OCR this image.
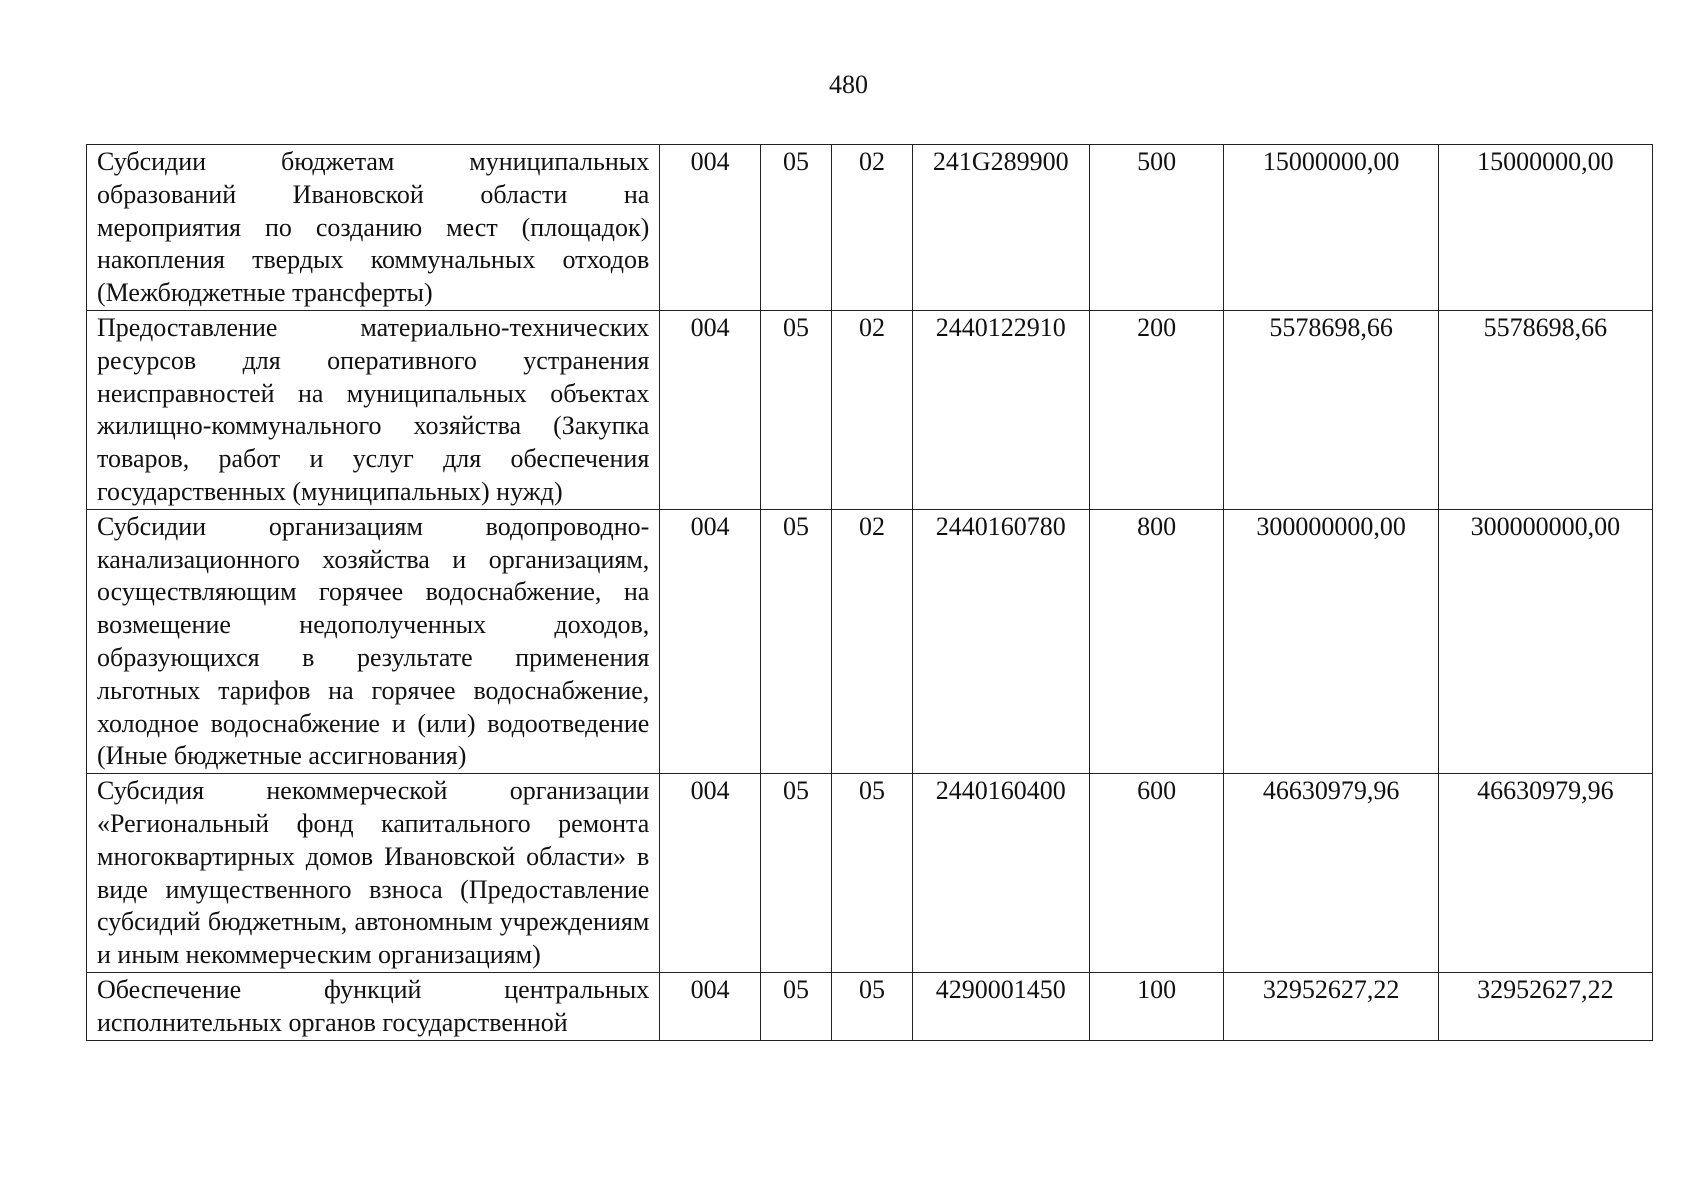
480
Субсидии бюджетам муниципальных образований Ивановской области на мероприятия по созданию мест (площадок) накопления твердых коммунальных отходов (Межбюджетные трансферты)	004	05	02	241G289900	500	15000000,00	15000000,00
Предоставление материально-технических ресурсов для оперативного устранения неисправностей на муниципальных объектах жилищно-коммунального хозяйства (Закупка товаров, работ и услуг для обеспечения государственных (муниципальных) нужд)	004	05	02	2440122910	200	5578698,66	5578698,66
Субсидии организациям водопроводно-канализационного хозяйства и организациям, осуществляющим горячее водоснабжение, на возмещение недополученных доходов, образующихся в результате применения льготных тарифов на горячее водоснабжение, холодное водоснабжение и (или) водоотведение (Иные бюджетные ассигнования)	004	05	02	2440160780	800	300000000,00	300000000,00
Субсидия некоммерческой организации «Региональный фонд капитального ремонта многоквартирных домов Ивановской области» в виде имущественного взноса (Предоставление субсидий бюджетным, автономным учреждениям и иным некоммерческим организациям)	004	05	05	2440160400	600	46630979,96	46630979,96
Обеспечение функций центральных исполнительных органов государственной	004	05	05	4290001450	100	32952627,22	32952627,22
